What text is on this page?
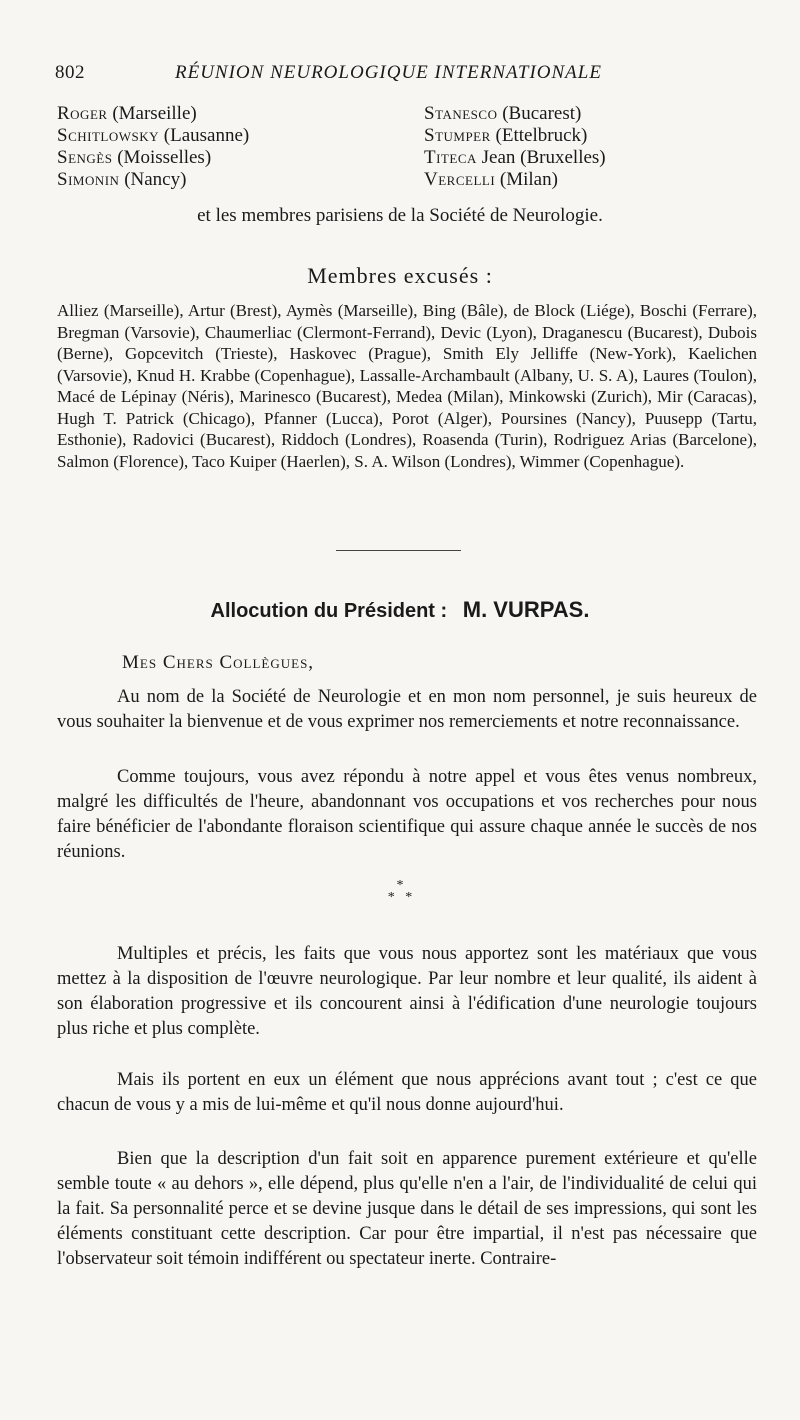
802	RÉUNION NEUROLOGIQUE INTERNATIONALE
Roger (Marseille)
Schitlowsky (Lausanne)
Sengès (Moisselles)
Simonin (Nancy)
Stanesco (Bucarest)
Stumper (Ettelbruck)
Titeca Jean (Bruxelles)
Vercelli (Milan)
et les membres parisiens de la Société de Neurologie.
Membres excusés :
Alliez (Marseille), Artur (Brest), Aymès (Marseille), Bing (Bâle), de Block (Liége), Boschi (Ferrare), Bregman (Varsovie), Chaumerliac (Clermont-Ferrand), Devic (Lyon), Draganescu (Bucarest), Dubois (Berne), Gopcevitch (Trieste), Haskovec (Prague), Smith Ely Jelliffe (New-York), Kaelichen (Varsovie), Knud H. Krabbe (Copenhague), Lassalle-Archambault (Albany, U. S. A), Laures (Toulon), Macé de Lépinay (Néris), Marinesco (Bucarest), Medea (Milan), Minkowski (Zurich), Mir (Caracas), Hugh T. Patrick (Chicago), Pfanner (Lucca), Porot (Alger), Poursines (Nancy), Puusepp (Tartu, Esthonie), Radovici (Bucarest), Riddoch (Londres), Roasenda (Turin), Rodriguez Arias (Barcelone), Salmon (Florence), Taco Kuiper (Haerlen), S. A. Wilson (Londres), Wimmer (Copenhague).
Allocution du Président : M. VURPAS.
Mes Chers Collègues,

Au nom de la Société de Neurologie et en mon nom personnel, je suis heureux de vous souhaiter la bienvenue et de vous exprimer nos remerciements et notre reconnaissance.

Comme toujours, vous avez répondu à notre appel et vous êtes venus nombreux, malgré les difficultés de l'heure, abandonnant vos occupations et vos recherches pour nous faire bénéficier de l'abondante floraison scientifique qui assure chaque année le succès de nos réunions.

*
*   *

Multiples et précis, les faits que vous nous apportez sont les matériaux que vous mettez à la disposition de l'œuvre neurologique. Par leur nombre et leur qualité, ils aident à son élaboration progressive et ils concourent ainsi à l'édification d'une neurologie toujours plus riche et plus complète.

Mais ils portent en eux un élément que nous apprécions avant tout ; c'est ce que chacun de vous y a mis de lui-même et qu'il nous donne aujourd'hui.

Bien que la description d'un fait soit en apparence purement extérieure et qu'elle semble toute « au dehors », elle dépend, plus qu'elle n'en a l'air, de l'individualité de celui qui la fait. Sa personnalité perce et se devine jusque dans le détail de ses impressions, qui sont les éléments constituant cette description. Car pour être impartial, il n'est pas nécessaire que l'observateur soit témoin indifférent ou spectateur inerte. Contraire-
